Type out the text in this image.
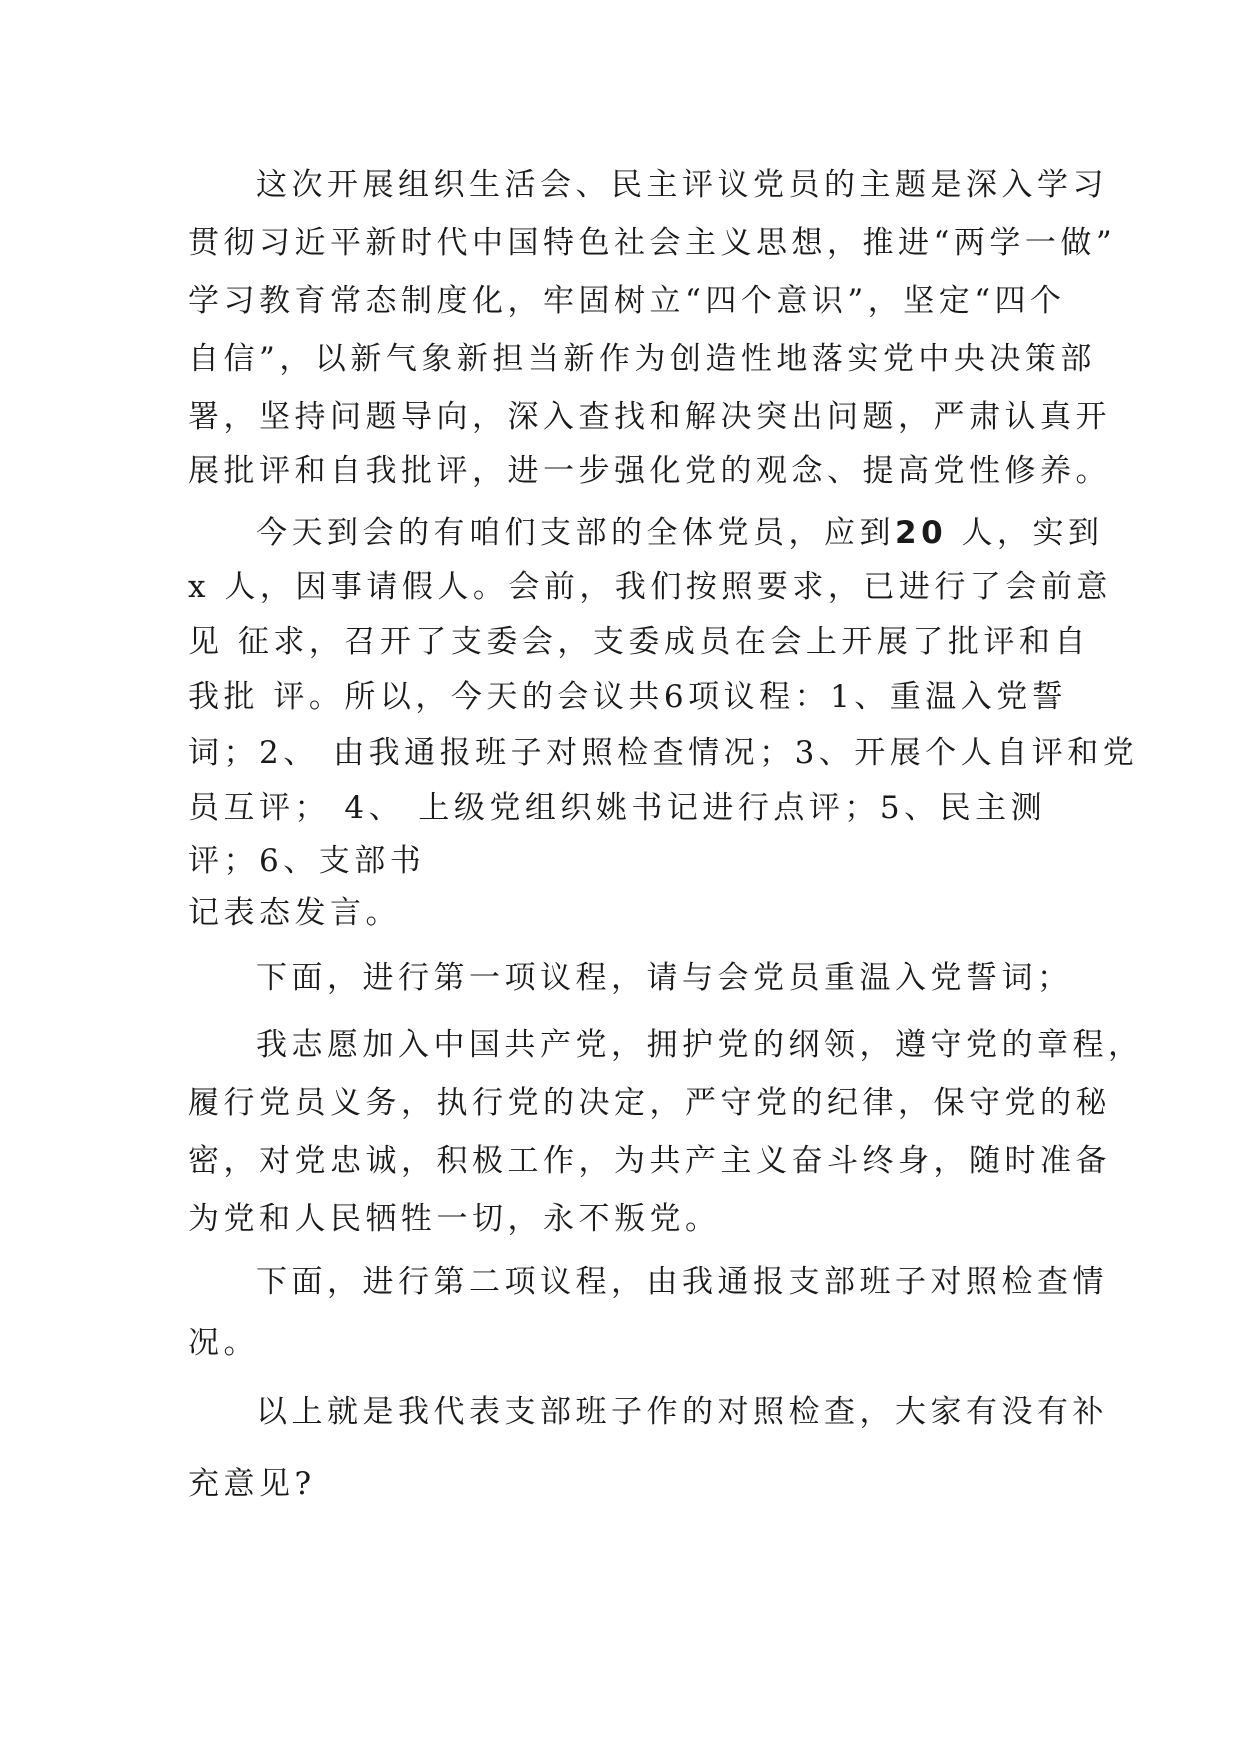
这次开展组织生活会、民主评议党员的主题是深入学习

贯彻习近平新时代中国特色社会主义思想，推进“两学一做”

学习教育常态制度化，牢固树立“四个意识”，坚定“四个

自信”，以新气象新担当新作为创造性地落实党中央决策部

署，坚持问题导向，深入查找和解决突出问题，严肃认真开

展批评和自我批评，进一步强化党的观念、提高党性修养。

今天到会的有咱们支部的全体党员，应到20 人，实到

x 人，因事请假人。会前，我们按照要求，已进行了会前意

见 征求，召开了支委会，支委成员在会上开展了批评和自

我批 评。所以，今天的会议共6项议程：1、重温入党誓

词；2、 由我通报班子对照检查情况；3、开展个人自评和党

员互评； 4、 上级党组织姚书记进行点评；5、民主测

评；6、支部书

记表态发言。

下面，进行第一项议程，请与会党员重温入党誓词；

我志愿加入中国共产党，拥护党的纲领，遵守党的章程，

履行党员义务，执行党的决定，严守党的纪律，保守党的秘

密，对党忠诚，积极工作，为共产主义奋斗终身，随时准备

为党和人民牺牲一切，永不叛党。

下面，进行第二项议程，由我通报支部班子对照检查情

况。

以上就是我代表支部班子作的对照检查，大家有没有补

充意见?
